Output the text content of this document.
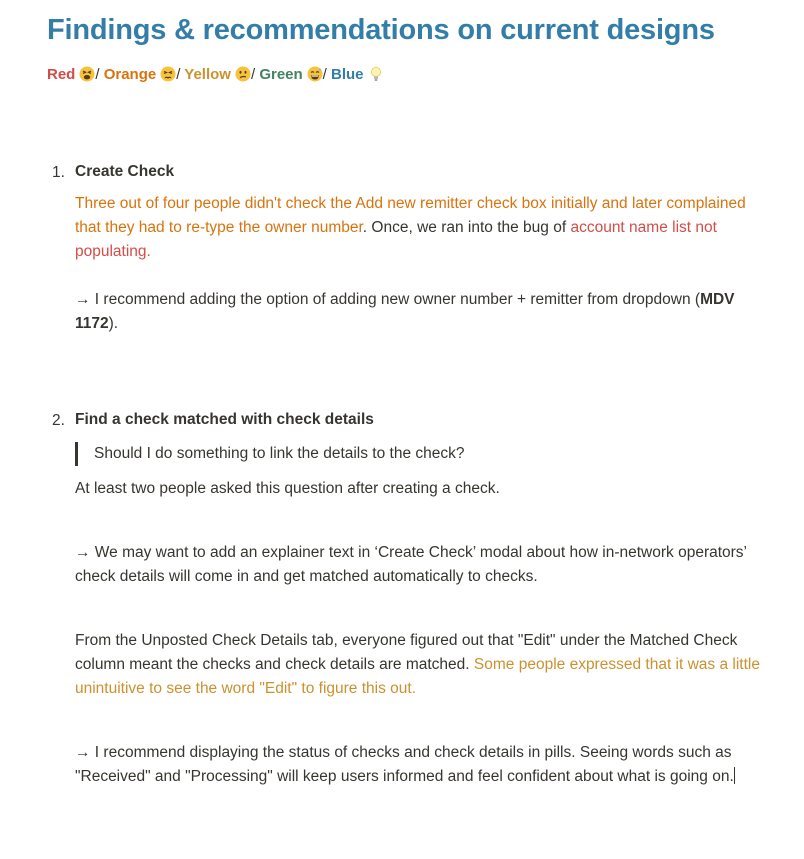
Findings & recommendations on current designs
Red / Orange / Yellow / Green / Blue
1. Create Check
Three out of four people didn't check the Add new remitter check box initially and later complained that they had to re-type the owner number. Once, we ran into the bug of account name list not populating.
→ I recommend adding the option of adding new owner number + remitter from dropdown (MDV 1172).
2. Find a check matched with check details
Should I do something to link the details to the check?
At least two people asked this question after creating a check.
→ We may want to add an explainer text in ‘Create Check’ modal about how in-network operators’ check details will come in and get matched automatically to checks.
From the Unposted Check Details tab, everyone figured out that "Edit" under the Matched Check column meant the checks and check details are matched. Some people expressed that it was a little unintuitive to see the word "Edit" to figure this out.
→ I recommend displaying the status of checks and check details in pills. Seeing words such as "Received" and "Processing" will keep users informed and feel confident about what is going on.
